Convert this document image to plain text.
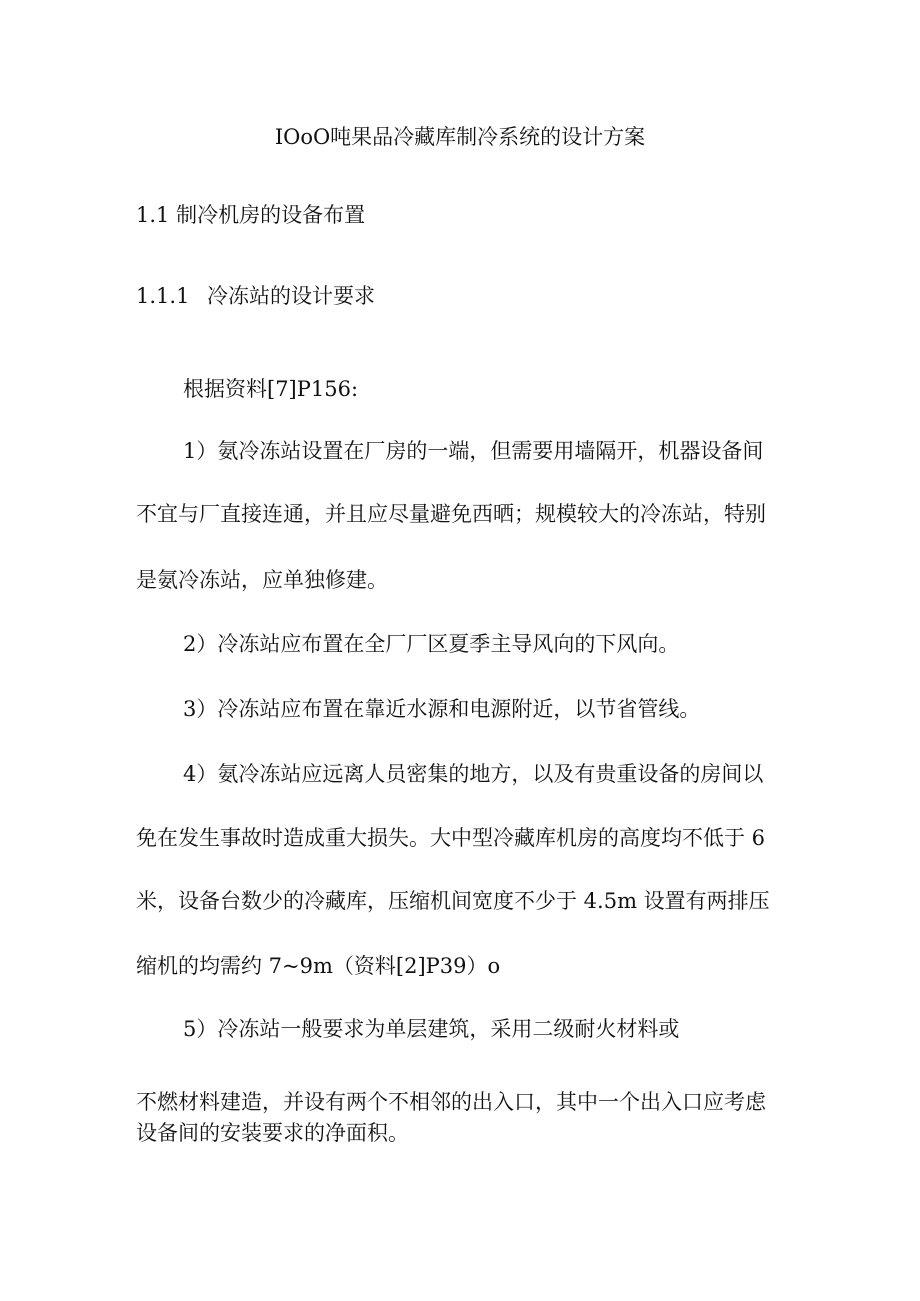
IOoO吨果品冷藏库制冷系统的设计方案
1.1 制冷机房的设备布置
1.1.1 冷冻站的设计要求
根据资料[7]P156:
1）氨冷冻站设置在厂房的一端，但需要用墙隔开，机器设备间
不宜与厂直接连通，并且应尽量避免西晒；规模较大的冷冻站，特别
是氨冷冻站，应单独修建。
2）冷冻站应布置在全厂厂区夏季主导风向的下风向。
3）冷冻站应布置在靠近水源和电源附近，以节省管线。
4）氨冷冻站应远离人员密集的地方，以及有贵重设备的房间以
免在发生事故时造成重大损失。大中型冷藏库机房的高度均不低于 6
米，设备台数少的冷藏库，压缩机间宽度不少于 4.5m 设置有两排压
缩机的均需约 7~9m（资料[2]P39）o
5）冷冻站一般要求为单层建筑，采用二级耐火材料或
不燃材料建造，并设有两个不相邻的出入口，其中一个出入口应考虑
设备间的安装要求的净面积。
